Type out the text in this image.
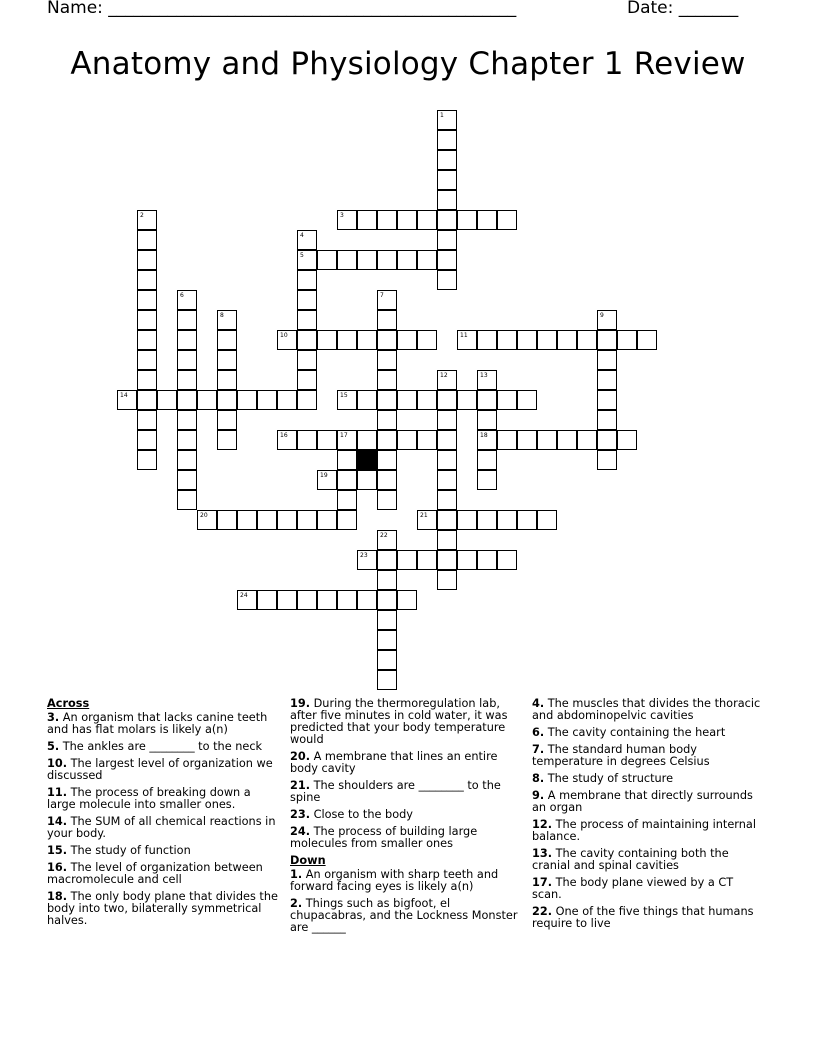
Name: ________________________________________________	Date: _______
Anatomy and Physiology Chapter 1 Review
1
2	3
4
5
6	7
8	9
10	11
12	13
18
14	15
16	17
19
20	21
22
23
24
Across
3. An organism that lacks canine teeth and has flat molars is likely a(n)
5. The ankles are ________ to the neck
10. The largest level of organization we discussed
11. The process of breaking down a large molecule into smaller ones.
14. The SUM of all chemical reactions in your body.
15. The study of function
16. The level of organization between macromolecule and cell
18. The only body plane that divides the body into two, bilaterally symmetrical halves.
19. During the thermoregulation lab, after five minutes in cold water, it was predicted that your body temperature would
20. A membrane that lines an entire body cavity
21. The shoulders are ________ to the spine
23. Close to the body
24. The process of building large molecules from smaller ones
Down
1. An organism with sharp teeth and forward facing eyes is likely a(n)
2. Things such as bigfoot, el chupacabras, and the Lockness Monster are ______
4. The muscles that divides the thoracic and abdominopelvic cavities
6. The cavity containing the heart
7. The standard human body temperature in degrees Celsius
8. The study of structure
9. A membrane that directly surrounds an organ
12. The process of maintaining internal balance.
13. The cavity containing both the cranial and spinal cavities
17. The body plane viewed by a CT scan.
22. One of the five things that humans require to live
